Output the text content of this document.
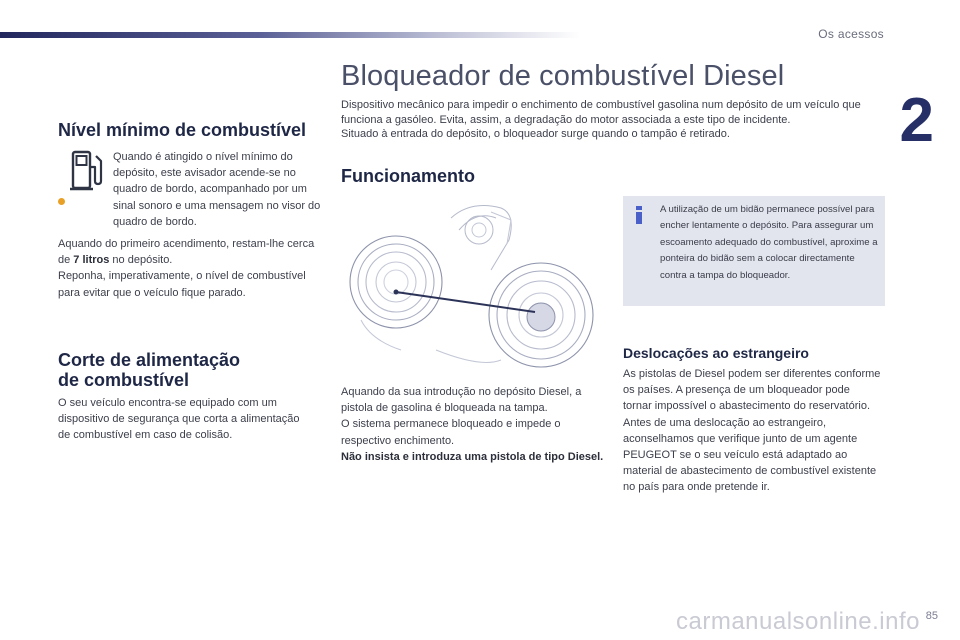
Os acessos
2
85
Nível mínimo de combustível
Quando é atingido o nível mínimo do depósito, este avisador acende-se no quadro de bordo, acompanhado por um sinal sonoro e uma mensagem no visor do quadro de bordo.
Aquando do primeiro acendimento, restam-lhe cerca de 7 litros no depósito.
Reponha, imperativamente, o nível de combustível para evitar que o veículo fique parado.
Corte de alimentação
de combustível
O seu veículo encontra-se equipado com um dispositivo de segurança que corta a alimentação de combustível em caso de colisão.
Bloqueador de combustível Diesel
Dispositivo mecânico para impedir o enchimento de combustível gasolina num depósito de um veículo que funciona a gasóleo. Evita, assim, a degradação do motor associada a este tipo de incidente.
Situado à entrada do depósito, o bloqueador surge quando o tampão é retirado.
Funcionamento
Aquando da sua introdução no depósito Diesel, a pistola de gasolina é bloqueada na tampa.
O sistema permanece bloqueado e impede o respectivo enchimento.
Não insista e introduza uma pistola de tipo Diesel.
A utilização de um bidão permanece possível para encher lentamente o depósito. Para assegurar um escoamento adequado do combustível, aproxime a ponteira do bidão sem a colocar directamente contra a tampa do bloqueador.
Deslocações ao estrangeiro
As pistolas de Diesel podem ser diferentes conforme os países. A presença de um bloqueador pode tornar impossível o abastecimento do reservatório.
Antes de uma deslocação ao estrangeiro, aconselhamos que verifique junto de um agente PEUGEOT se o seu veículo está adaptado ao material de abastecimento de combustível existente no país para onde pretende ir.
carmanualsonline.info
